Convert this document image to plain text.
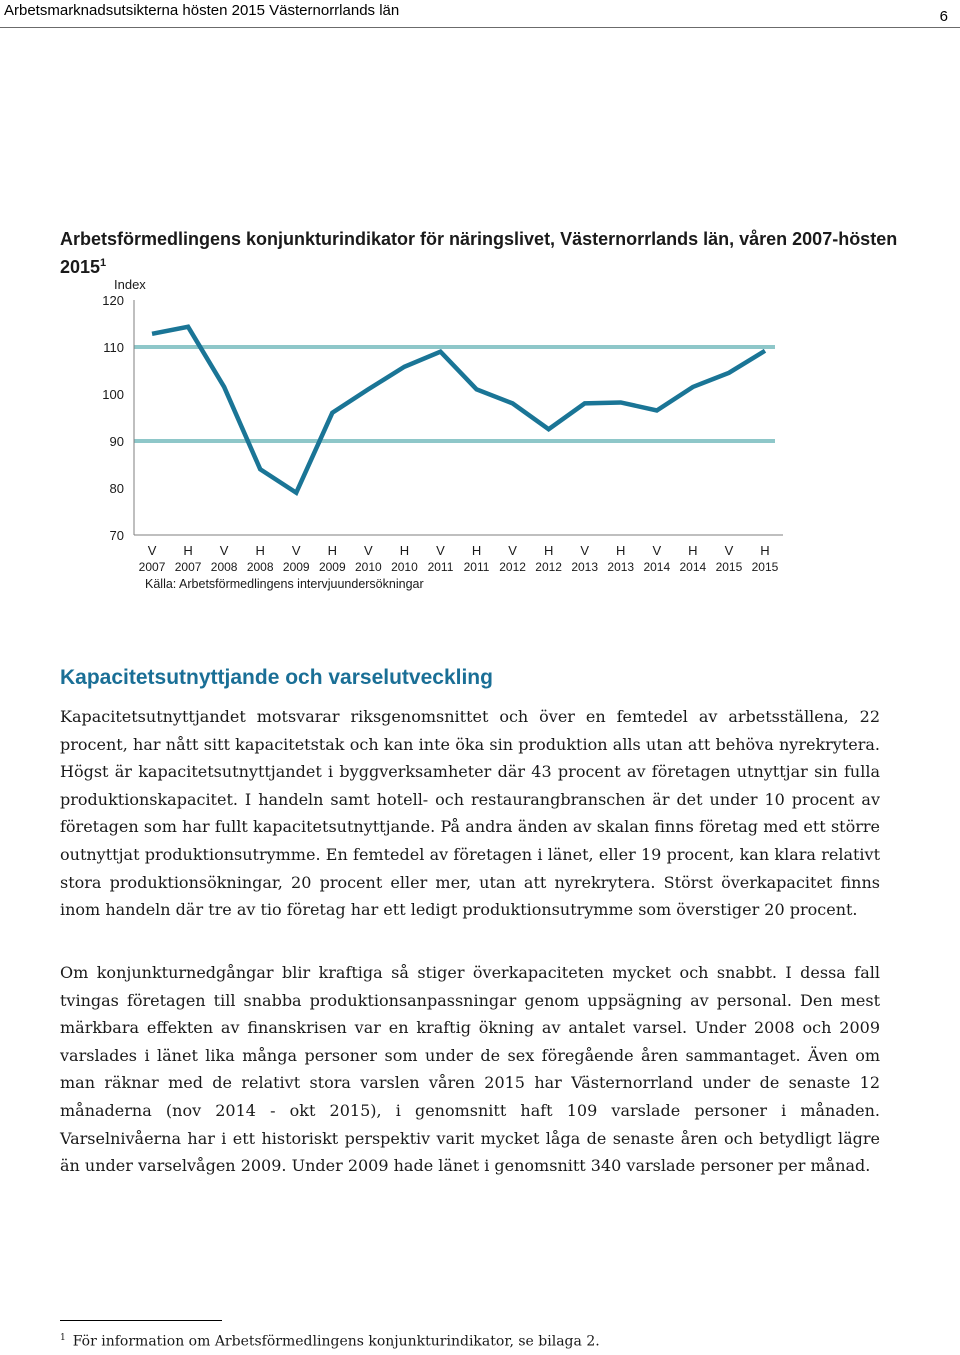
Arbetsmarknadsutsikterna hösten 2015 Västernorrlands län	6
Arbetsförmedlingens konjunkturindikator för näringslivet, Västernorrlands län, våren 2007-hösten 2015$^1$
70
80
90
100
110
120
Index
V
2007
H
2007
V
2008
H
2008
V
2009
H
2009
V
2010
H
2010
V
2011
H
2011
V
2012
H
2012
V
2013
H
2013
V
2014
H
2014
V
2015
H
2015
Källa: Arbetsförmedlingens intervjuundersökningar
Kapacitetsutnyttjande och varselutveckling

Kapacitetsutnyttjandet motsvarar riksgenomsnittet och över en femtedel av arbetsställena, 22 procent, har nått sitt kapacitetstak och kan inte öka sin produktion alls utan att behöva nyrekrytera. Högst är kapacitetsutnyttjandet i byggverksamheter där 43 procent av företagen utnyttjar sin fulla produktionskapacitet. I handeln samt hotell- och restaurangbranschen är det under 10 procent av företagen som har fullt kapacitetsutnyttjande. På andra änden av skalan finns företag med ett större outnyttjat produktionsutrymme. En femtedel av företagen i länet, eller 19 procent, kan klara relativt stora produktionsökningar, 20 procent eller mer, utan att nyrekrytera. Störst överkapacitet finns inom handeln där tre av tio företag har ett ledigt produktionsutrymme som överstiger 20 procent.

Om konjunkturnedgångar blir kraftiga så stiger överkapaciteten mycket och snabbt. I dessa fall tvingas företagen till snabba produktionsanpassningar genom uppsägning av personal. Den mest märkbara effekten av finanskrisen var en kraftig ökning av antalet varsel. Under 2008 och 2009 varslades i länet lika många personer som under de sex föregående åren sammantaget. Även om man räknar med de relativt stora varslen våren 2015 har Västernorrland under de senaste 12 månaderna (nov 2014 - okt 2015), i genomsnitt haft 109 varslade personer i månaden. Varselnivåerna har i ett historiskt perspektiv varit mycket låga de senaste åren och betydligt lägre än under varselvågen 2009. Under 2009 hade länet i genomsnitt 340 varslade personer per månad.

$^1$ För information om Arbetsförmedlingens konjunkturindikator, se bilaga 2.
